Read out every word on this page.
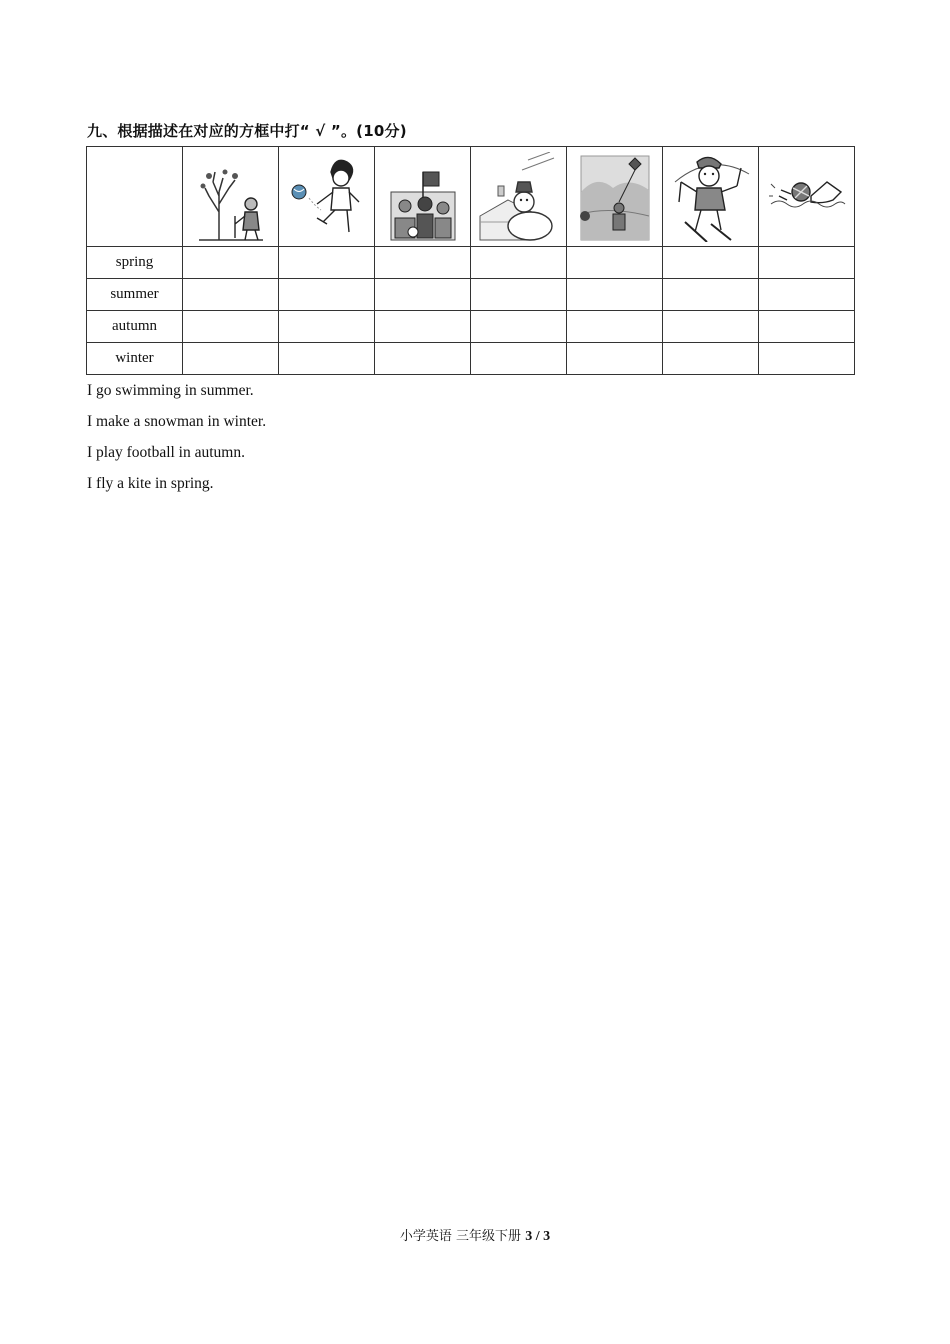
九、根据描述在对应的方框中打“ √ ”。(10分)

spring							
summer							
autumn							
winter							
I go swimming in summer.
I make a snowman in winter.
I play football in autumn.
I fly a kite in spring.
小学英语 三年级下册 3 / 3
